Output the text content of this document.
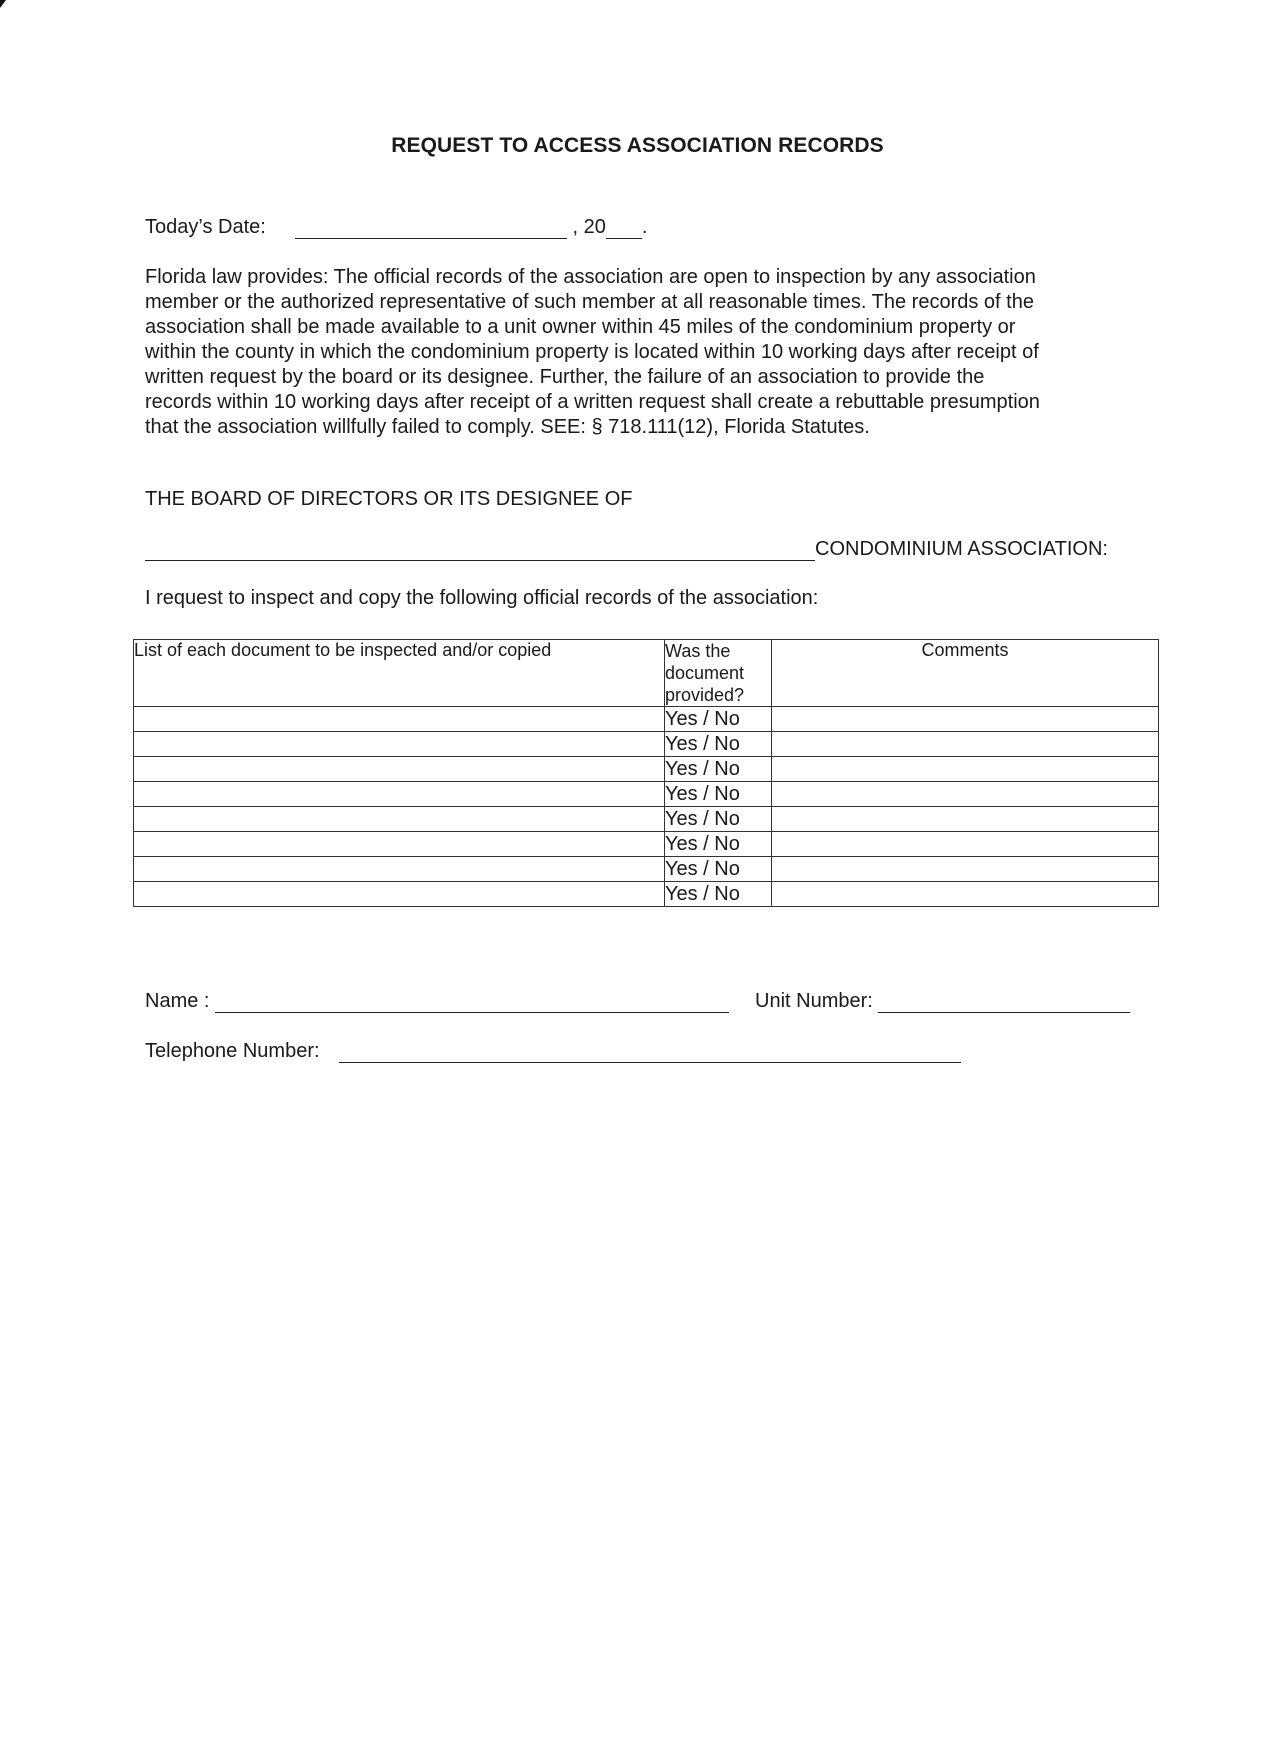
REQUEST TO ACCESS ASSOCIATION RECORDS
Today’s Date:	, 20 .
Florida law provides: The official records of the association are open to inspection by any association
member or the authorized representative of such member at all reasonable times. The records of the
association shall be made available to a unit owner within 45 miles of the condominium property or
within the county in which the condominium property is located within 10 working days after receipt of
written request by the board or its designee. Further, the failure of an association to provide the
records within 10 working days after receipt of a written request shall create a rebuttable presumption
that the association willfully failed to comply. SEE: § 718.111(12), Florida Statutes.
THE BOARD OF DIRECTORS OR ITS DESIGNEE OF
CONDOMINIUM ASSOCIATION:
I request to inspect and copy the following official records of the association:
List of each document to be inspected and/or copied	Was the document provided?	Comments
	Yes / No	
	Yes / No	
	Yes / No	
	Yes / No	
	Yes / No	
	Yes / No	
	Yes / No	
	Yes / No	
Name :	Unit Number:
Telephone Number:
